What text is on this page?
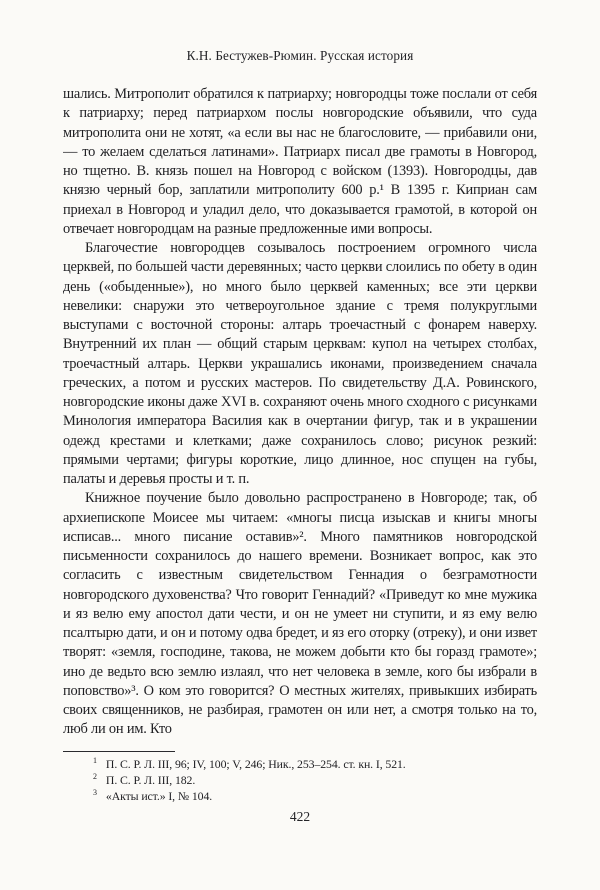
К.Н. Бестужев-Рюмин. Русская история

шались. Митрополит обратился к патриарху; новгородцы тоже послали от себя к патриарху; перед патриархом послы новгородские объявили, что суда митрополита они не хотят, «а если вы нас не благословите, — прибавили они, — то желаем сделаться латинами». Патриарх писал две грамоты в Новгород, но тщетно. В. князь пошел на Новгород с войском (1393). Новгородцы, дав князю черный бор, заплатили митрополиту 600 р.¹ В 1395 г. Киприан сам приехал в Новгород и уладил дело, что доказывается грамотой, в которой он отвечает новгородцам на разные предложенные ими вопросы.

Благочестие новгородцев созывалось построением огромного числа церквей, по большей части деревянных; часто церкви слоились по обету в один день («обыденные»), но много было церквей каменных; все эти церкви невелики: снаружи это четвероугольное здание с тремя полукруглыми выступами с восточной стороны: алтарь троечастный с фонарем наверху. Внутренний их план — общий старым церквам: купол на четырех столбах, троечастный алтарь. Церкви украшались иконами, произведением сначала греческих, а потом и русских мастеров. По свидетельству Д.А. Ровинского, новгородские иконы даже XVI в. сохраняют очень много сходного с рисунками Минология императора Василия как в очертании фигур, так и в украшении одежд крестами и клетками; даже сохранилось слово; рисунок резкий: прямыми чертами; фигуры короткие, лицо длинное, нос спущен на губы, палаты и деревья просты и т. п.

Книжное поучение было довольно распространено в Новгороде; так, об архиепископе Моисее мы читаем: «многы писца изыскав и книгы многы исписав... много писание оставив»². Много памятников новгородской письменности сохранилось до нашего времени. Возникает вопрос, как это согласить с известным свидетельством Геннадия о безграмотности новгородского духовенства? Что говорит Геннадий? «Приведут ко мне мужика и яз велю ему апостол дати чести, и он не умеет ни ступити, и яз ему велю псалтырю дати, и он и потому одва бредет, и яз его оторку (отреку), и они извет творят: «земля, господине, такова, не можем добыти кто бы горазд грамоте»; ино де ведьто всю землю излаял, что нет человека в земле, кого бы избрали в поповство»³. О ком это говорится? О местных жителях, привыкших избирать своих священников, не разбирая, грамотен он или нет, а смотря только на то, люб ли он им. Кто

$^1$ П. С. Р. Л. III, 96; IV, 100; V, 246; Ник., 253–254. ст. кн. I, 521.
$^2$ П. С. Р. Л. III, 182.
$^3$ «Акты ист.» I, № 104.
422
